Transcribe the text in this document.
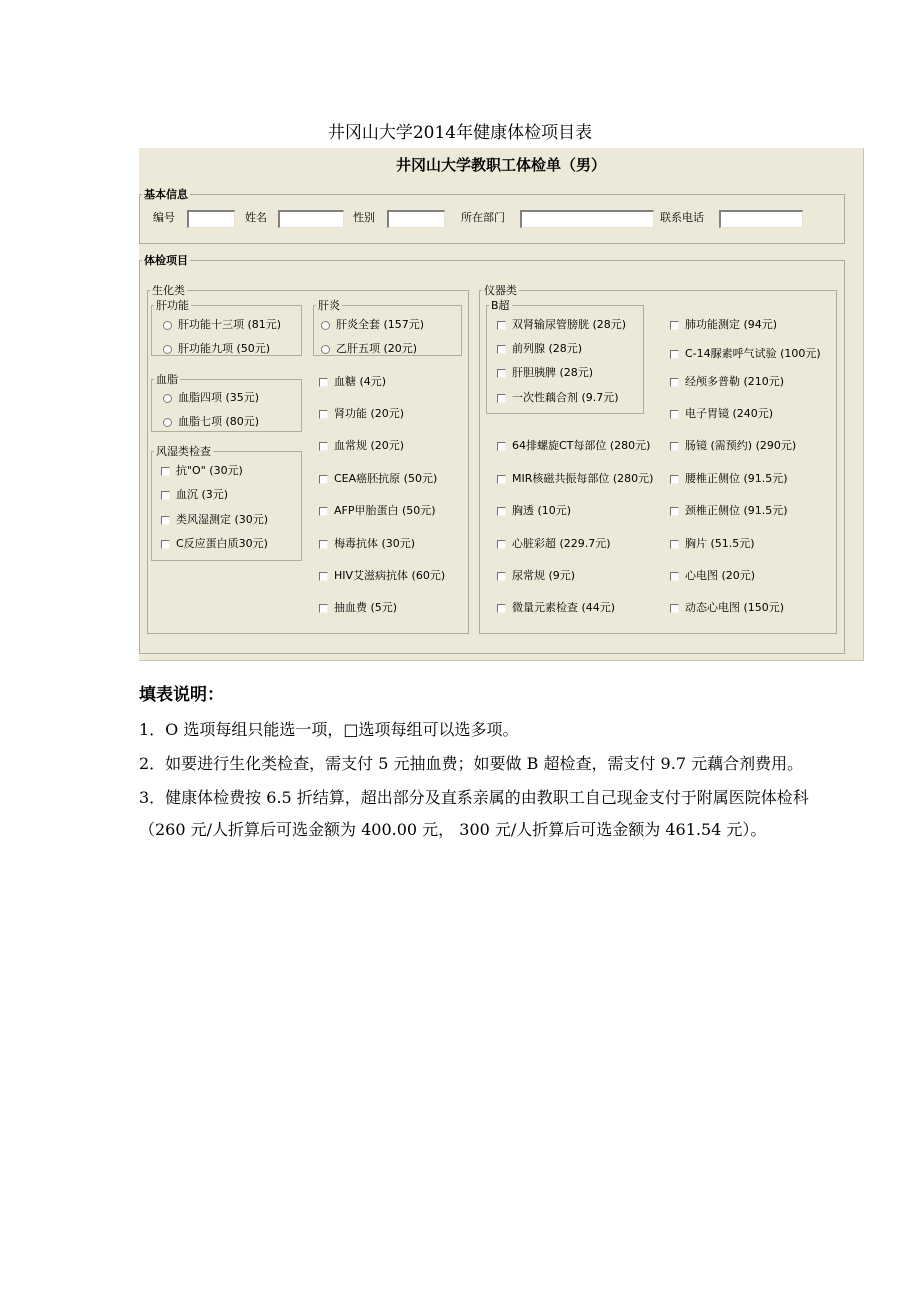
井冈山大学2014年健康体检项目表
井冈山大学教职工体检单（男）
基本信息
编号	姓名	性别	所在部门	联系电话
体检项目
生化类
肝功能
肝功能十三项 (81元)
肝功能九项 (50元)
肝炎
肝炎全套 (157元)
乙肝五项 (20元)
血脂
血脂四项 (35元)
血脂七项 (80元)
风湿类检查
抗"O" (30元)
血沉 (3元)
类风湿测定 (30元)
C反应蛋白质30元)
血糖 (4元)
肾功能 (20元)
血常规 (20元)
CEA癌胚抗原 (50元)
AFP甲胎蛋白 (50元)
梅毒抗体 (30元)
HIV艾滋病抗体 (60元)
抽血费 (5元)
仪器类
B超
双肾输尿管膀胱 (28元)
前列腺 (28元)
肝胆胰脾 (28元)
一次性藕合剂 (9.7元)
64排螺旋CT每部位 (280元)
MIR核磁共振每部位 (280元)
胸透 (10元)
心脏彩超 (229.7元)
尿常规 (9元)
微量元素检查 (44元)
肺功能测定 (94元)
C-14脲素呼气试验 (100元)
经颅多普勒 (210元)
电子胃镜 (240元)
肠镜 (需预约) (290元)
腰椎正侧位 (91.5元)
颈椎正侧位 (91.5元)
胸片 (51.5元)
心电图 (20元)
动态心电图 (150元)
填表说明：
1．O 选项每组只能选一项，□选项每组可以选多项。
2．如要进行生化类检查，需支付 5 元抽血费；如要做 B 超检查，需支付 9.7 元藕合剂费用。
3．健康体检费按 6.5 折结算，超出部分及直系亲属的由教职工自己现金支付于附属医院体检科（260 元/人折算后可选金额为 400.00 元， 300 元/人折算后可选金额为 461.54 元）。
